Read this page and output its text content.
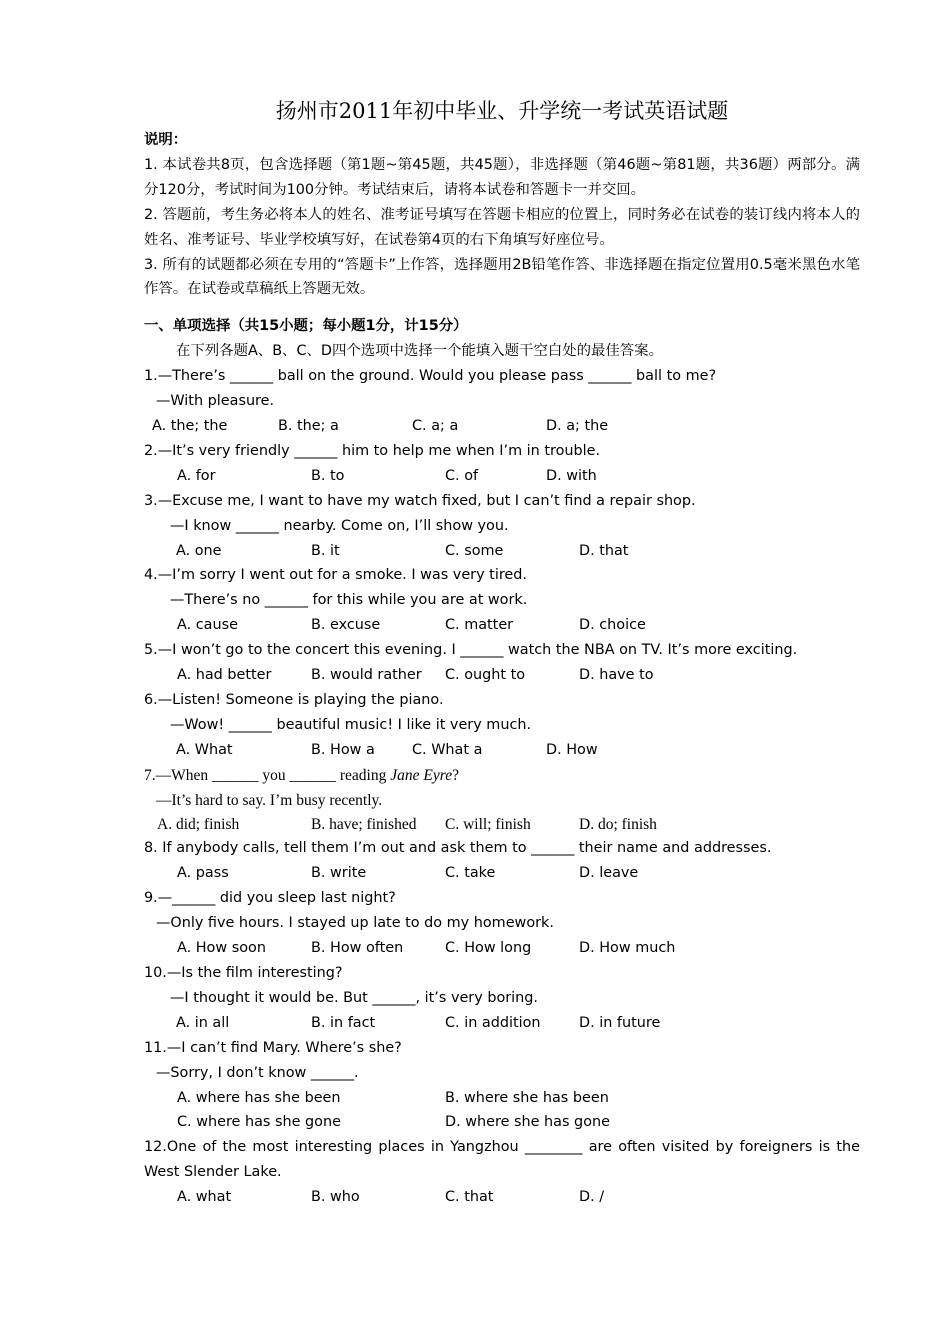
扬州市2011年初中毕业、升学统一考试英语试题
说明：
1. 本试卷共8页，包含选择题（第1题~第45题，共45题），非选择题（第46题~第81题，共36题）两部分。满分120分，考试时间为100分钟。考试结束后，请将本试卷和答题卡一并交回。
2. 答题前，考生务必将本人的姓名、准考证号填写在答题卡相应的位置上，同时务必在试卷的装订线内将本人的姓名、准考证号、毕业学校填写好，在试卷第4页的右下角填写好座位号。
3. 所有的试题都必须在专用的“答题卡”上作答，选择题用2B铅笔作答、非选择题在指定位置用0.5毫米黑色水笔作答。在试卷或草稿纸上答题无效。
一、单项选择（共15小题；每小题1分，计15分）
在下列各题A、B、C、D四个选项中选择一个能填入题干空白处的最佳答案。
1.—There’s ______ ball on the ground. Would you please pass ______ ball to me?
—With pleasure.
A. the; the	B. the; a	C. a; a	D. a; the
2.—It’s very friendly ______ him to help me when I’m in trouble.
A. for	B. to	C. of	D. with
3.—Excuse me, I want to have my watch fixed, but I can’t find a repair shop.
—I know ______ nearby. Come on, I’ll show you.
A. one	B. it	C. some	D. that
4.—I’m sorry I went out for a smoke. I was very tired.
—There’s no ______ for this while you are at work.
A. cause	B. excuse	C. matter	D. choice
5.—I won’t go to the concert this evening. I ______ watch the NBA on TV. It’s more exciting.
A. had better	B. would rather	C. ought to	D. have to
6.—Listen! Someone is playing the piano.
—Wow! ______ beautiful music! I like it very much.
A. What	B. How a	C. What a	D. How
7.—When ______ you ______ reading Jane Eyre?
—It’s hard to say. I’m busy recently.
A. did; finish	B. have; finished	C. will; finish	D. do; finish
8. If anybody calls, tell them I’m out and ask them to ______ their name and addresses.
A. pass	B. write	C. take	D. leave
9.—______ did you sleep last night?
—Only five hours. I stayed up late to do my homework.
A. How soon	B. How often	C. How long	D. How much
10.—Is the film interesting?
—I thought it would be. But ______, it’s very boring.
A. in all	B. in fact	C. in addition	D. in future
11.—I can’t find Mary. Where’s she?
—Sorry, I don’t know ______.
A. where has she been	B. where she has been
C. where has she gone	D. where she has gone
12.One of the most interesting places in Yangzhou ________ are often visited by foreigners is the West Slender Lake.
A. what	B. who	C. that	D. /
